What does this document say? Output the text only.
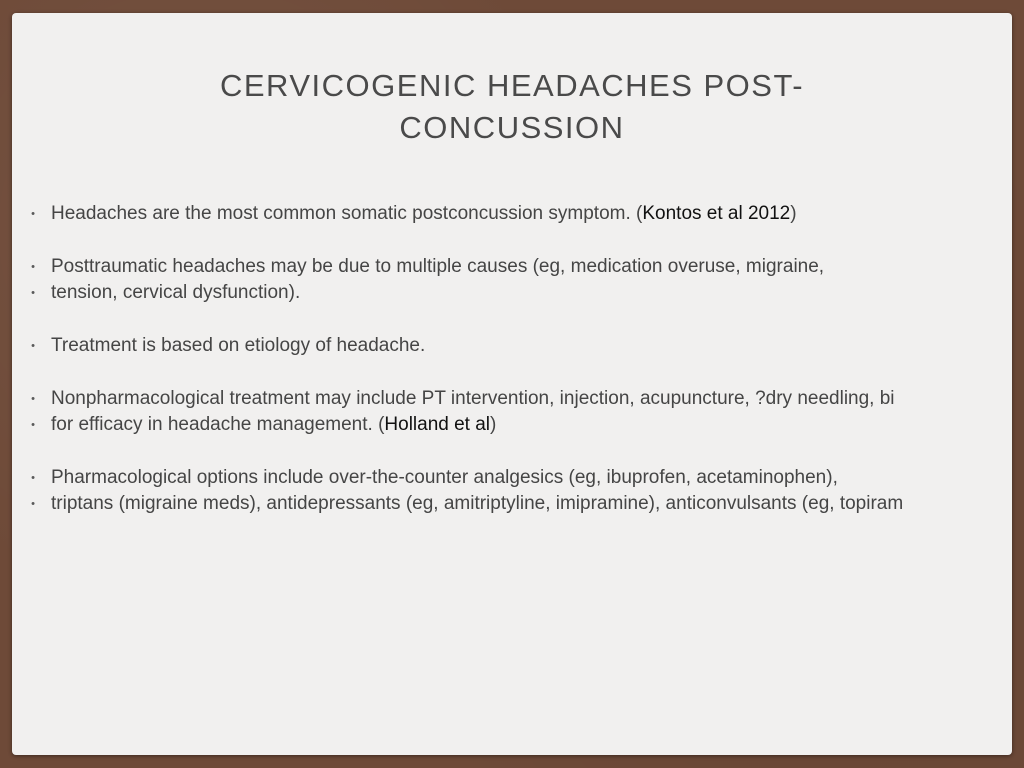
CERVICOGENIC HEADACHES POST-
CONCUSSION
• Headaches are the most common somatic postconcussion symptom. (Kontos et al 2012)
• Posttraumatic headaches may be due to multiple causes (eg, medication overuse, migraine,
• tension, cervical dysfunction).
• Treatment is based on etiology of headache.
• Nonpharmacological treatment may include PT intervention, injection, acupuncture, ?dry needling, bi
• for efficacy in headache management. (Holland et al)
• Pharmacological options include over-the-counter analgesics (eg, ibuprofen, acetaminophen),
• triptans (migraine meds), antidepressants (eg, amitriptyline, imipramine), anticonvulsants (eg, topiram
